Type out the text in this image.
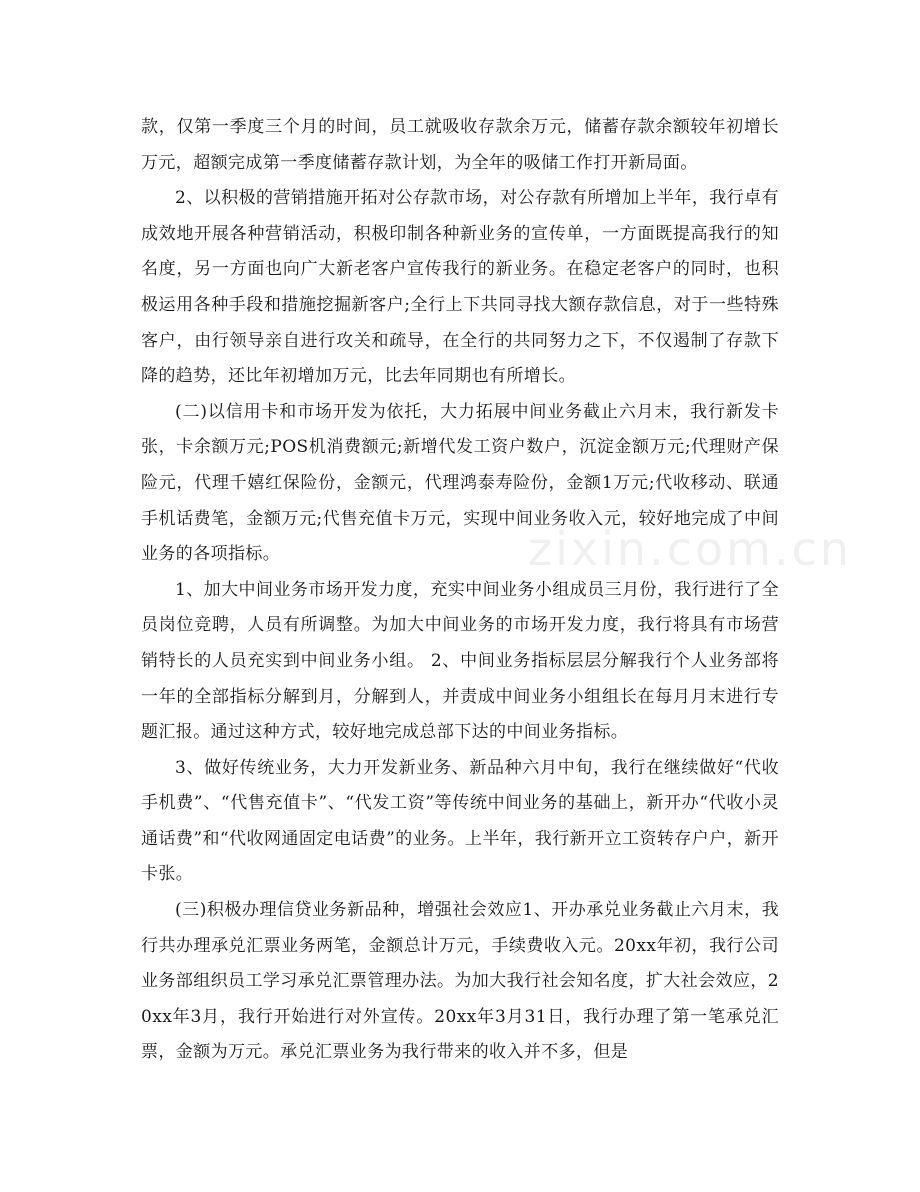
款，仅第一季度三个月的时间，员工就吸收存款余万元，储蓄存款余额较年初增长万元，超额完成第一季度储蓄存款计划，为全年的吸储工作打开新局面。

2、以积极的营销措施开拓对公存款市场，对公存款有所增加上半年，我行卓有成效地开展各种营销活动，积极印制各种新业务的宣传单，一方面既提高我行的知名度，另一方面也向广大新老客户宣传我行的新业务。在稳定老客户的同时，也积极运用各种手段和措施挖掘新客户;全行上下共同寻找大额存款信息，对于一些特殊客户，由行领导亲自进行攻关和疏导，在全行的共同努力之下，不仅遏制了存款下降的趋势，还比年初增加万元，比去年同期也有所增长。

(二)以信用卡和市场开发为依托，大力拓展中间业务截止六月末，我行新发卡张，卡余额万元;POS机消费额元;新增代发工资户数户，沉淀金额万元;代理财产保险元，代理千嬉红保险份，金额元，代理鸿泰寿险份，金额1万元;代收移动、联通手机话费笔，金额万元;代售充值卡万元，实现中间业务收入元，较好地完成了中间业务的各项指标。

1、加大中间业务市场开发力度，充实中间业务小组成员三月份，我行进行了全员岗位竞聘，人员有所调整。为加大中间业务的市场开发力度，我行将具有市场营销特长的人员充实到中间业务小组。 2、中间业务指标层层分解我行个人业务部将一年的全部指标分解到月，分解到人，并责成中间业务小组组长在每月月末进行专题汇报。通过这种方式，较好地完成总部下达的中间业务指标。

3、做好传统业务，大力开发新业务、新品种六月中旬，我行在继续做好“代收手机费”、“代售充值卡”、“代发工资”等传统中间业务的基础上，新开办“代收小灵通话费”和“代收网通固定电话费”的业务。上半年，我行新开立工资转存户户，新开卡张。

(三)积极办理信贷业务新品种，增强社会效应1、开办承兑业务截止六月末，我行共办理承兑汇票业务两笔，金额总计万元，手续费收入元。20xx年初，我行公司业务部组织员工学习承兑汇票管理办法。为加大我行社会知名度，扩大社会效应，20xx年3月，我行开始进行对外宣传。20xx年3月31日，我行办理了第一笔承兑汇票，金额为万元。承兑汇票业务为我行带来的收入并不多，但是

zixin.com.cn
